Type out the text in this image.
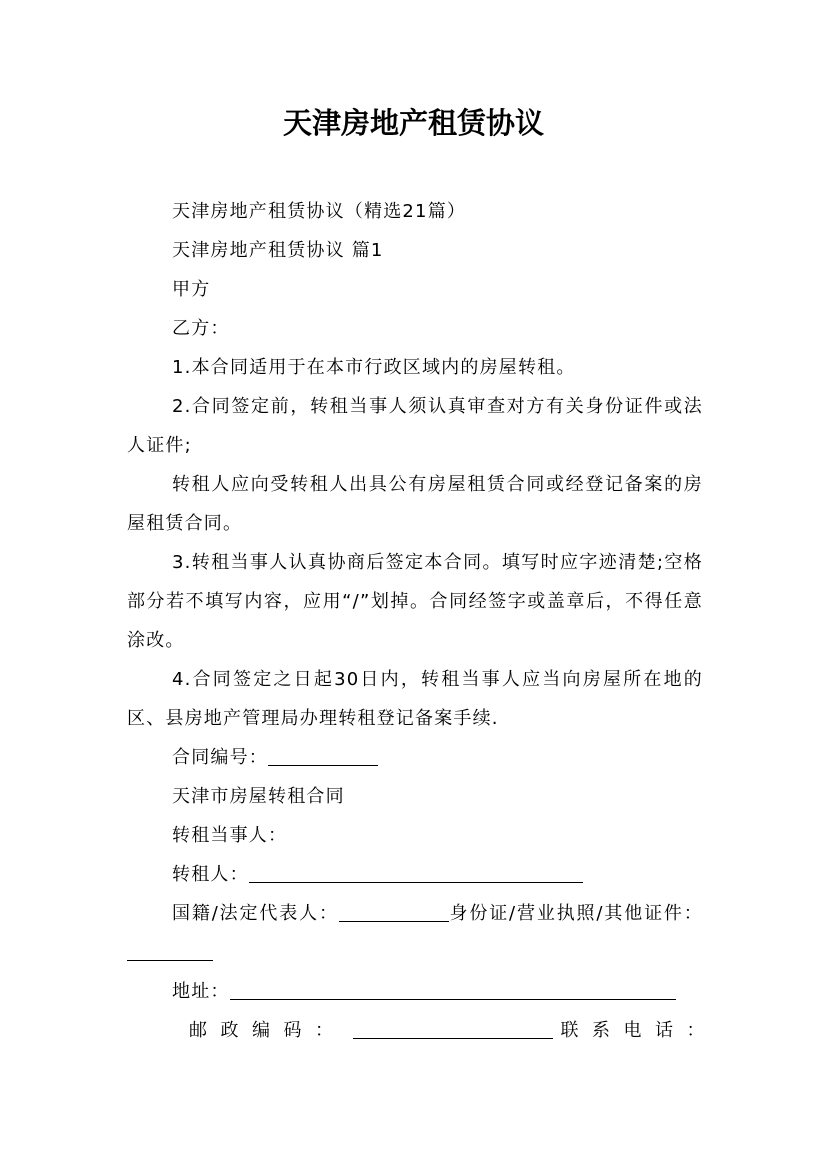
天津房地产租赁协议

天津房地产租赁协议（精选21篇）

天津房地产租赁协议 篇1

甲方

乙方：

1.本合同适用于在本市行政区域内的房屋转租。

2.合同签定前，转租当事人须认真审查对方有关身份证件或法人证件;

转租人应向受转租人出具公有房屋租赁合同或经登记备案的房屋租赁合同。

3.转租当事人认真协商后签定本合同。填写时应字迹清楚;空格部分若不填写内容，应用“/”划掉。合同经签字或盖章后，不得任意涂改。

4.合同签定之日起30日内，转租当事人应当向房屋所在地的区、县房地产管理局办理转租登记备案手续.

合同编号：

天津市房屋转租合同

转租当事人：

转租人：

国籍/法定代表人：	身份证/营业执照/其他证件：

地址：

邮政编码：	联系电话：
